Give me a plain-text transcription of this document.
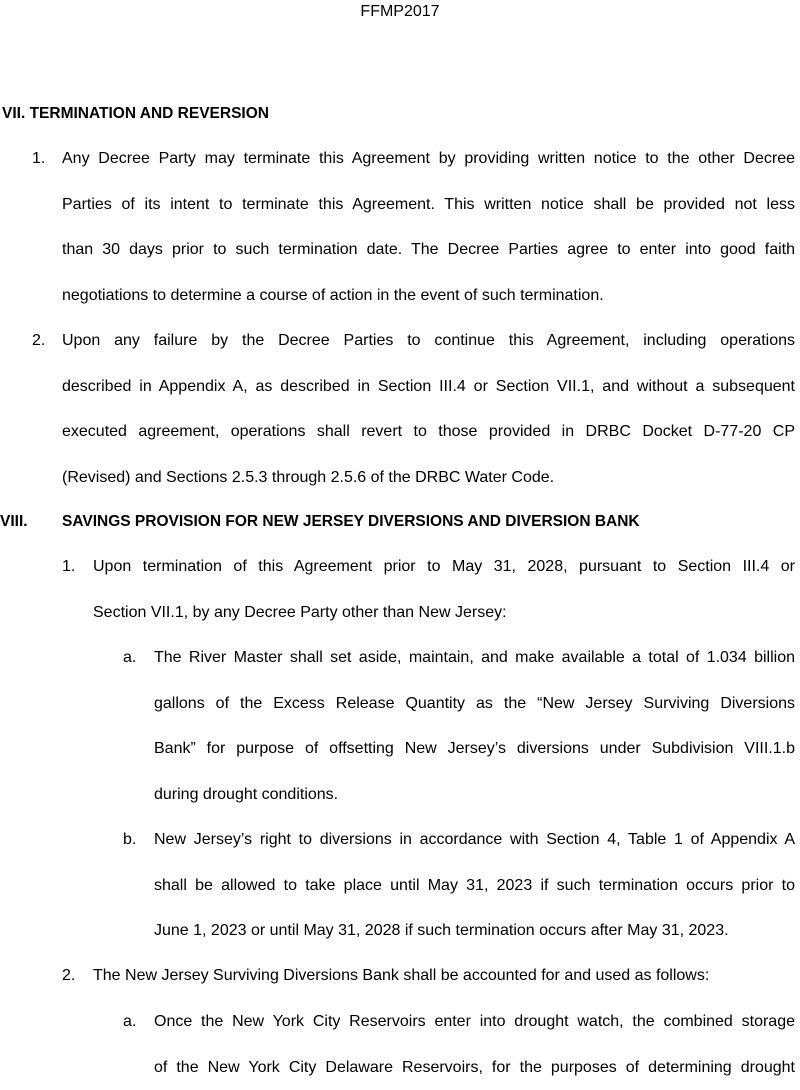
FFMP2017
VII. TERMINATION AND REVERSION
1. Any Decree Party may terminate this Agreement by providing written notice to the other Decree
Parties of its intent to terminate this Agreement. This written notice shall be provided not less
than 30 days prior to such termination date. The Decree Parties agree to enter into good faith
negotiations to determine a course of action in the event of such termination.
2. Upon any failure by the Decree Parties to continue this Agreement, including operations
described in Appendix A, as described in Section III.4 or Section VII.1, and without a subsequent
executed agreement, operations shall revert to those provided in DRBC Docket D-77-20 CP
(Revised) and Sections 2.5.3 through 2.5.6 of the DRBC Water Code.
VIII. SAVINGS PROVISION FOR NEW JERSEY DIVERSIONS AND DIVERSION BANK
1. Upon termination of this Agreement prior to May 31, 2028, pursuant to Section III.4 or
Section VII.1, by any Decree Party other than New Jersey:
a. The River Master shall set aside, maintain, and make available a total of 1.034 billion
gallons of the Excess Release Quantity as the “New Jersey Surviving Diversions
Bank” for purpose of offsetting New Jersey’s diversions under Subdivision VIII.1.b
during drought conditions.
b. New Jersey’s right to diversions in accordance with Section 4, Table 1 of Appendix A
shall be allowed to take place until May 31, 2023 if such termination occurs prior to
June 1, 2023 or until May 31, 2028 if such termination occurs after May 31, 2023.
2. The New Jersey Surviving Diversions Bank shall be accounted for and used as follows:
a. Once the New York City Reservoirs enter into drought watch, the combined storage
of the New York City Delaware Reservoirs, for the purposes of determining drought
